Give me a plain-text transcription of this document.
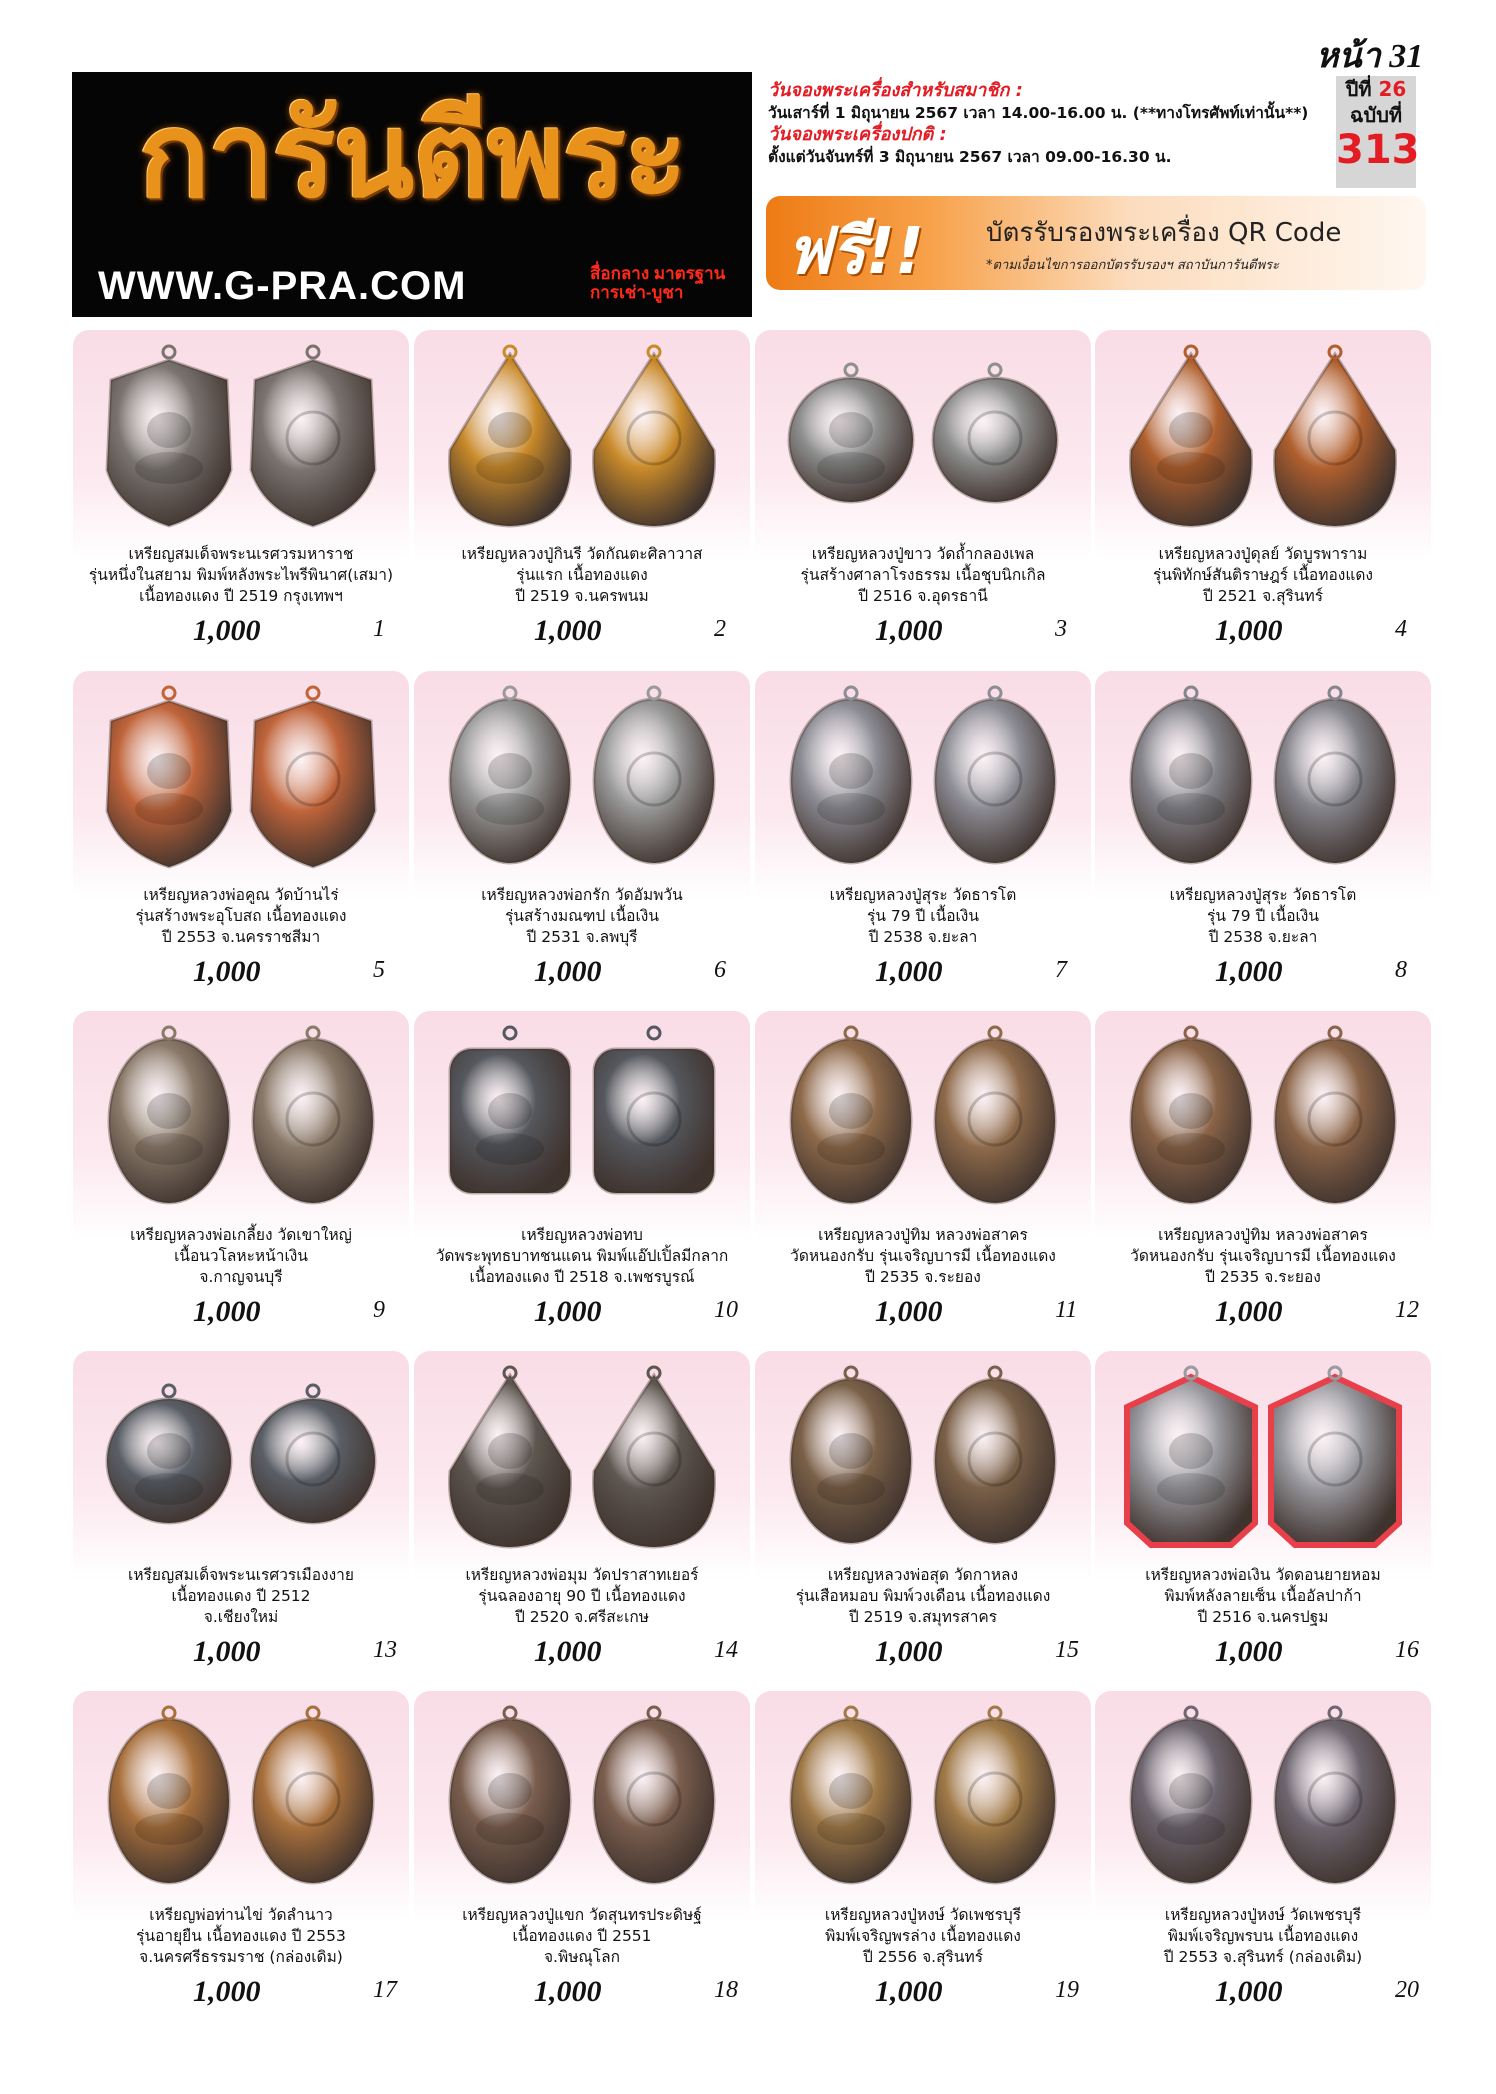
การันตีพระ
WWW.G-PRA.COM	สื่อกลาง มาตรฐาน
การเช่า-บูชา
วันจองพระเครื่องสำหรับสมาชิก :
วันเสาร์ที่ 1 มิถุนายน 2567 เวลา 14.00-16.00 น. (**ทางโทรศัพท์เท่านั้น**)
วันจองพระเครื่องปกติ :
ตั้งแต่วันจันทร์ที่ 3 มิถุนายน 2567 เวลา 09.00-16.30 น.
หน้า 31
ปีที่ 26
ฉบับที่
313
ฟรี!! บัตรรับรองพระเครื่อง QR Code
*ตามเงื่อนไขการออกบัตรรับรองฯ สถาบันการันตีพระ
เหรียญสมเด็จพระนเรศวรมหาราช
รุ่นหนึ่งในสยาม พิมพ์หลังพระไพรีพินาศ(เสมา)
เนื้อทองแดง ปี 2519 กรุงเทพฯ
1,000	1
เหรียญหลวงปู่กินรี วัดกัณตะศิลาวาส
รุ่นแรก เนื้อทองแดง
ปี 2519 จ.นครพนม
1,000	2
เหรียญหลวงปู่ขาว วัดถ้ำกลองเพล
รุ่นสร้างศาลาโรงธรรม เนื้อชุบนิกเกิล
ปี 2516 จ.อุดรธานี
1,000	3
เหรียญหลวงปู่ดุลย์ วัดบูรพาราม
รุ่นพิทักษ์สันติราษฎร์ เนื้อทองแดง
ปี 2521 จ.สุรินทร์
1,000	4
เหรียญหลวงพ่อคูณ วัดบ้านไร่
รุ่นสร้างพระอุโบสถ เนื้อทองแดง
ปี 2553 จ.นครราชสีมา
1,000	5
เหรียญหลวงพ่อกรัก วัดอัมพวัน
รุ่นสร้างมณฑป เนื้อเงิน
ปี 2531 จ.ลพบุรี
1,000	6
เหรียญหลวงปู่สุระ วัดธารโต
รุ่น 79 ปี เนื้อเงิน
ปี 2538 จ.ยะลา
1,000	7
เหรียญหลวงปู่สุระ วัดธารโต
รุ่น 79 ปี เนื้อเงิน
ปี 2538 จ.ยะลา
1,000	8
เหรียญหลวงพ่อเกลี้ยง วัดเขาใหญ่
เนื้อนวโลหะหน้าเงิน
จ.กาญจนบุรี
1,000	9
เหรียญหลวงพ่อทบ
วัดพระพุทธบาทชนแดน พิมพ์แอ๊ปเปิ้ลมีกลาก
เนื้อทองแดง ปี 2518 จ.เพชรบูรณ์
1,000	10
เหรียญหลวงปู่ทิม หลวงพ่อสาคร
วัดหนองกรับ รุ่นเจริญบารมี เนื้อทองแดง
ปี 2535 จ.ระยอง
1,000	11
เหรียญหลวงปู่ทิม หลวงพ่อสาคร
วัดหนองกรับ รุ่นเจริญบารมี เนื้อทองแดง
ปี 2535 จ.ระยอง
1,000	12
เหรียญสมเด็จพระนเรศวรเมืองงาย
เนื้อทองแดง ปี 2512
จ.เชียงใหม่
1,000	13
เหรียญหลวงพ่อมุม วัดปราสาทเยอร์
รุ่นฉลองอายุ 90 ปี เนื้อทองแดง
ปี 2520 จ.ศรีสะเกษ
1,000	14
เหรียญหลวงพ่อสุด วัดกาหลง
รุ่นเสือหมอบ พิมพ์วงเดือน เนื้อทองแดง
ปี 2519 จ.สมุทรสาคร
1,000	15
เหรียญหลวงพ่อเงิน วัดดอนยายหอม
พิมพ์หลังลายเซ็น เนื้ออัลปาก้า
ปี 2516 จ.นครปฐม
1,000	16
เหรียญพ่อท่านไข่ วัดลำนาว
รุ่นอายุยืน เนื้อทองแดง ปี 2553
จ.นครศรีธรรมราช (กล่องเดิม)
1,000	17
เหรียญหลวงปู่แขก วัดสุนทรประดิษฐ์
เนื้อทองแดง ปี 2551
จ.พิษณุโลก
1,000	18
เหรียญหลวงปู่หงษ์ วัดเพชรบุรี
พิมพ์เจริญพรล่าง เนื้อทองแดง
ปี 2556 จ.สุรินทร์
1,000	19
เหรียญหลวงปู่หงษ์ วัดเพชรบุรี
พิมพ์เจริญพรบน เนื้อทองแดง
ปี 2553 จ.สุรินทร์ (กล่องเดิม)
1,000	20
